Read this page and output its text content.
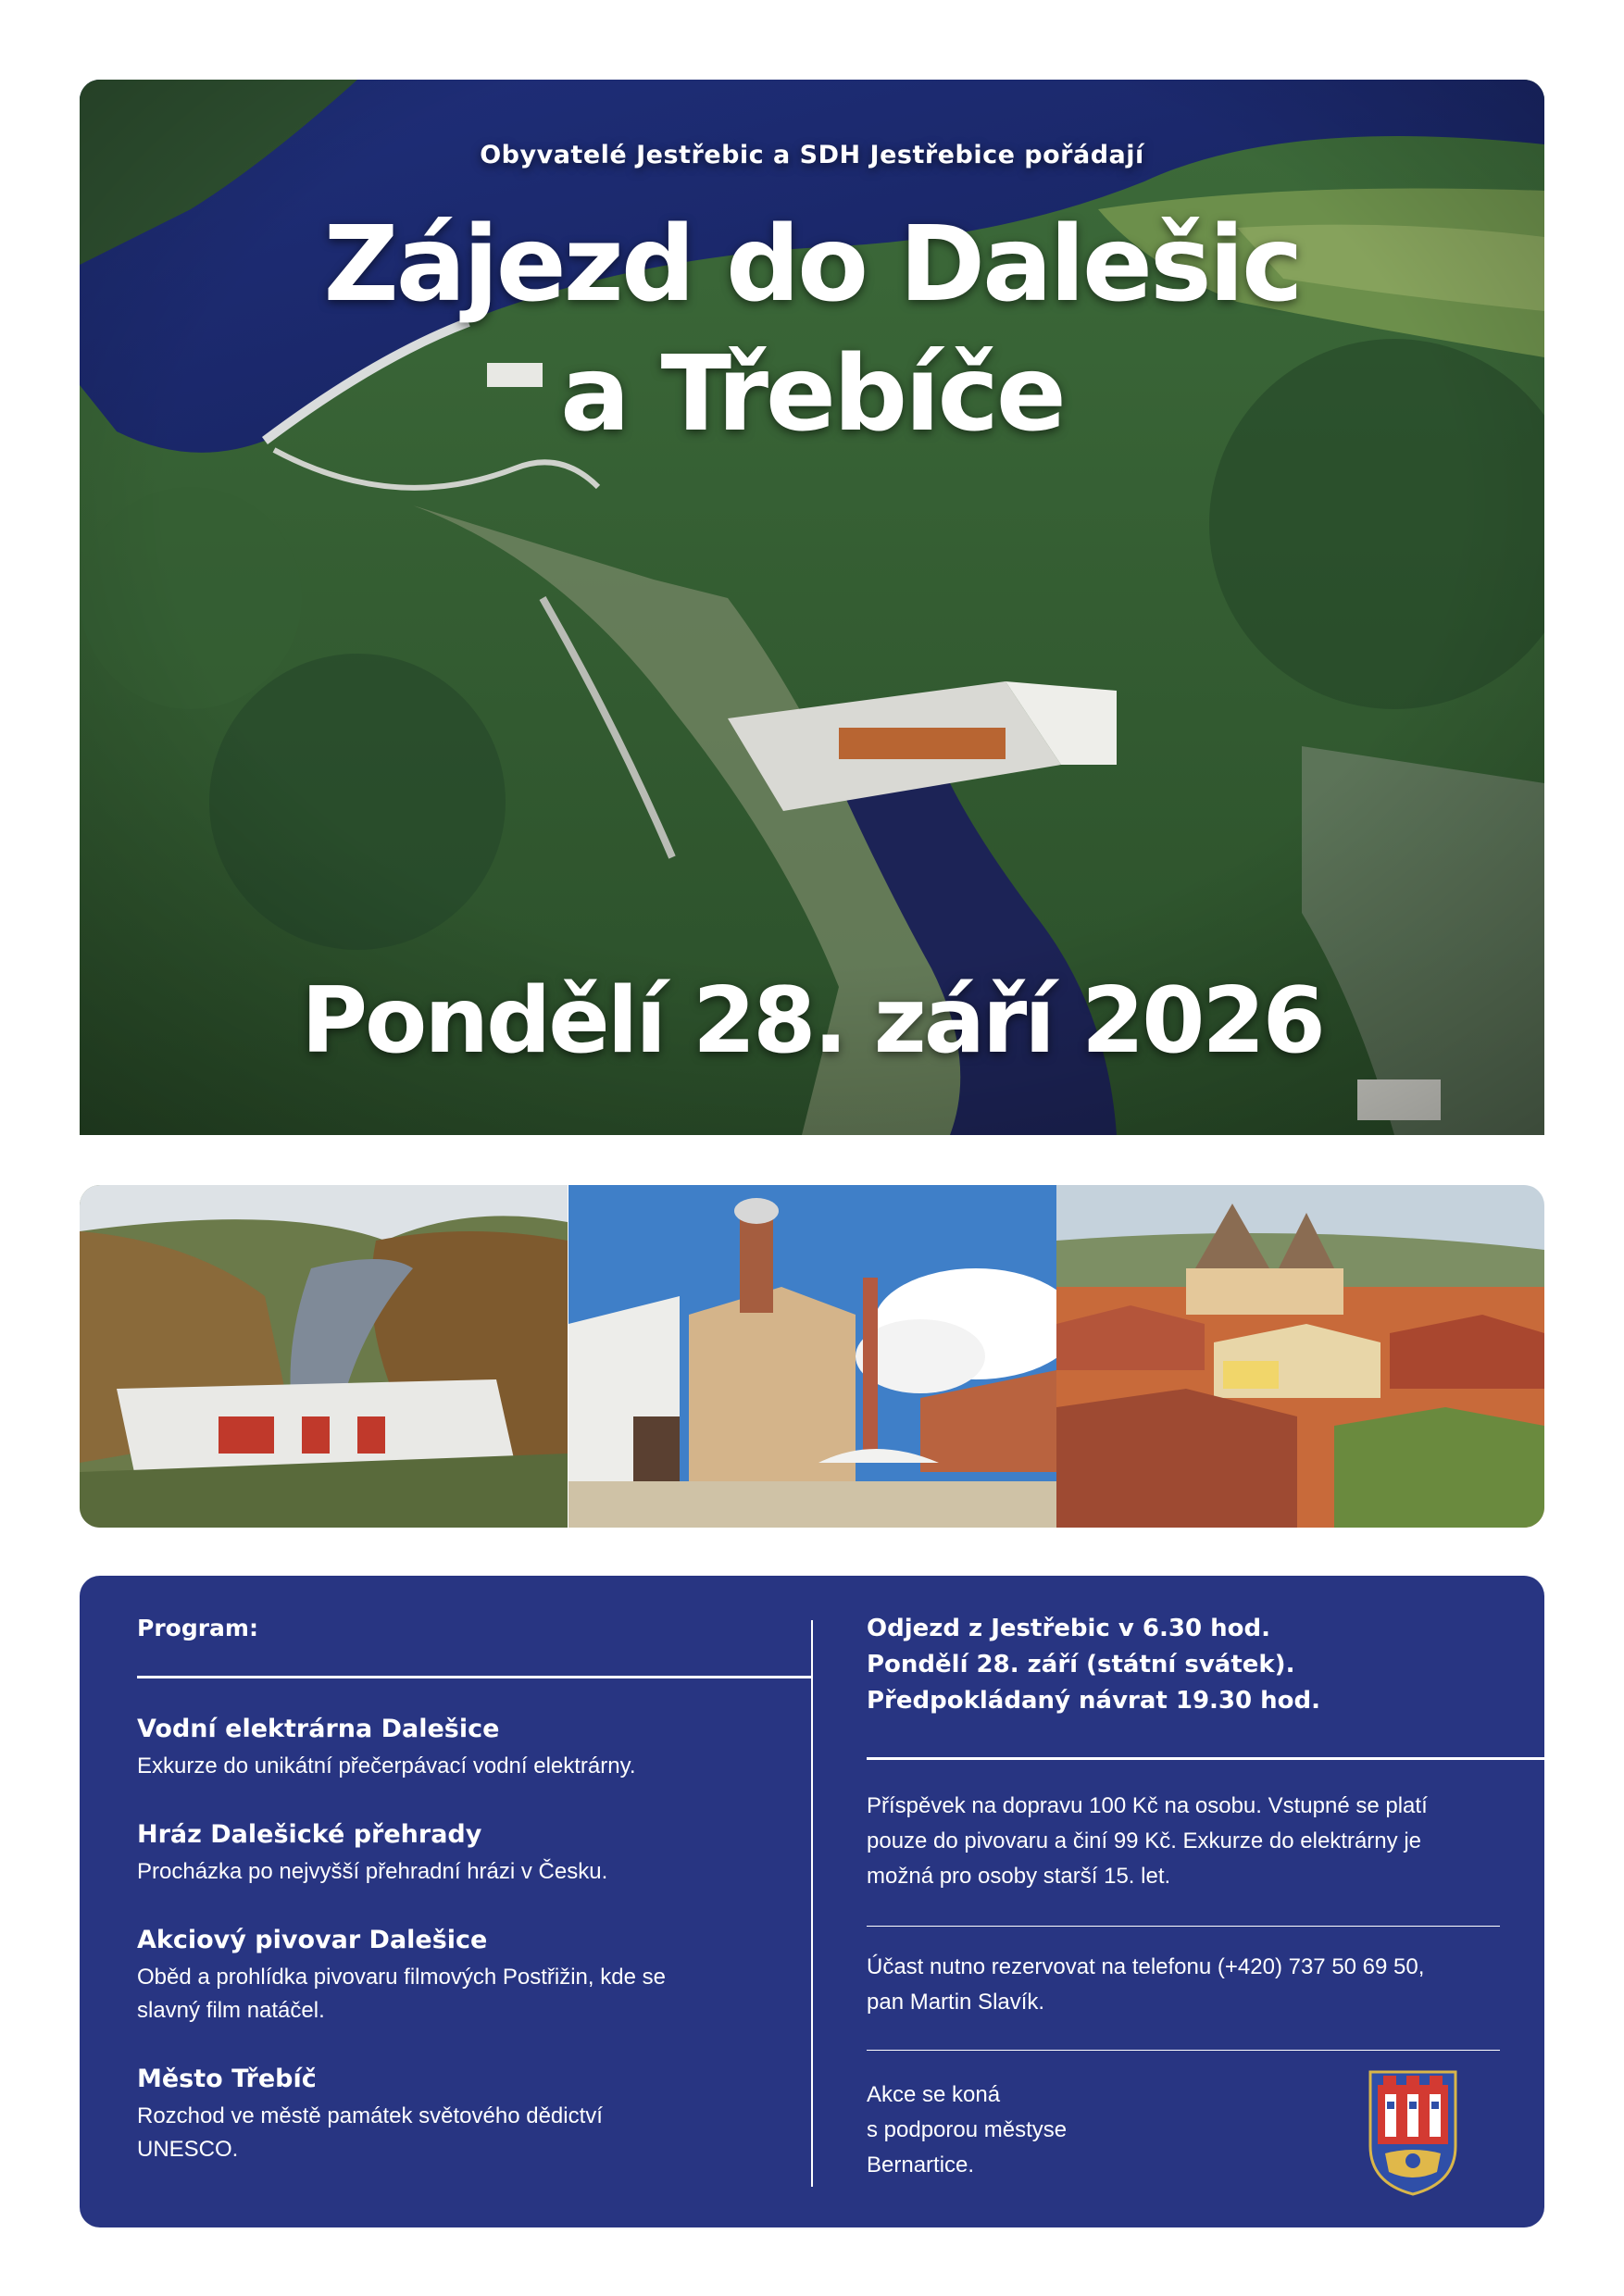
Obyvatelé Jestřebic a SDH Jestřebice pořádají
Zájezd do Dalešic
a Třebíče
Pondělí 28. září 2026
Program:
Vodní elektrárna Dalešice
Exkurze do unikátní přečerpávací vodní elektrárny.
Hráz Dalešické přehrady
Procházka po nejvyšší přehradní hrázi v Česku.
Akciový pivovar Dalešice
Oběd a prohlídka pivovaru filmových Postřižin, kde se
slavný film natáčel.
Město Třebíč
Rozchod ve městě památek světového dědictví
UNESCO.
Odjezd z Jestřebic v 6.30 hod.
Pondělí 28. září (státní svátek).
Předpokládaný návrat 19.30 hod.
Příspěvek na dopravu 100 Kč na osobu. Vstupné se platí
pouze do pivovaru a činí 99 Kč. Exkurze do elektrárny je
možná pro osoby starší 15. let.
Účast nutno rezervovat na telefonu (+420) 737 50 69 50,
pan Martin Slavík.
Akce se koná
s podporou městyse
Bernartice.
